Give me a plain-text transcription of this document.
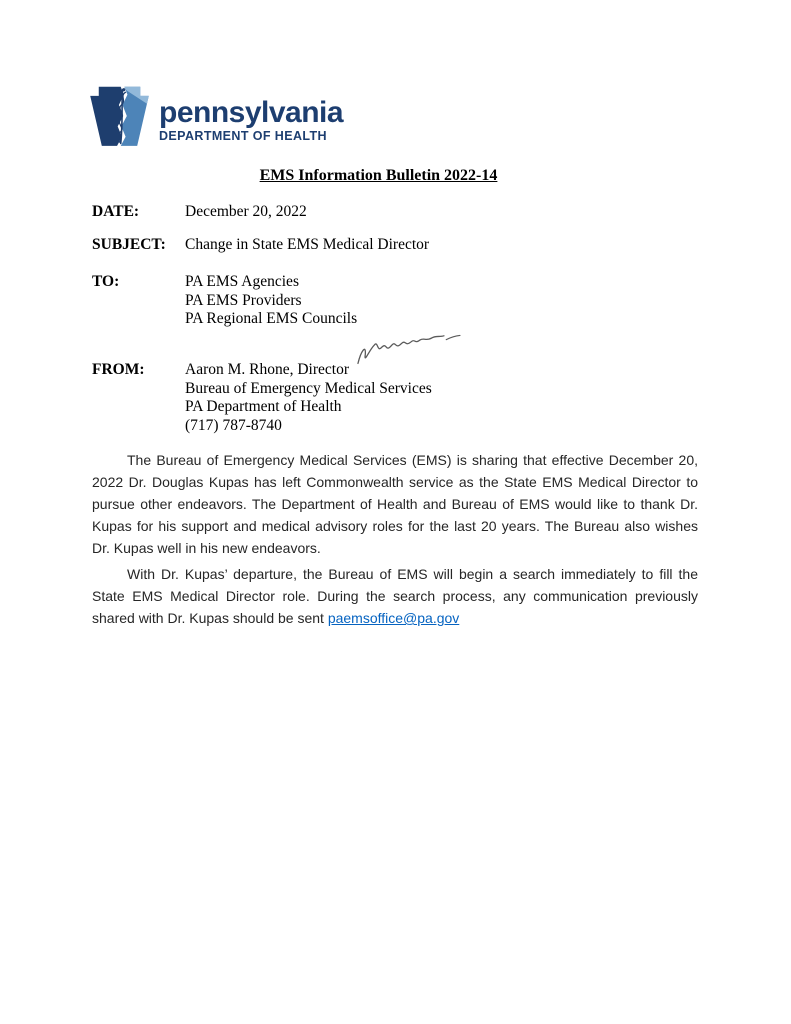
pennsylvania
DEPARTMENT OF HEALTH
EMS Information Bulletin 2022-14
DATE:	December 20, 2022
SUBJECT: Change in State EMS Medical Director
TO:	PA EMS Agencies
PA EMS Providers
PA Regional EMS Councils
FROM:	Aaron M. Rhone, Director
Bureau of Emergency Medical Services
PA Department of Health
(717) 787-8740

The Bureau of Emergency Medical Services (EMS) is sharing that effective December 20, 2022 Dr. Douglas Kupas has left Commonwealth service as the State EMS Medical Director to pursue other endeavors. The Department of Health and Bureau of EMS would like to thank Dr. Kupas for his support and medical advisory roles for the last 20 years. The Bureau also wishes Dr. Kupas well in his new endeavors.

With Dr. Kupas’ departure, the Bureau of EMS will begin a search immediately to fill the State EMS Medical Director role. During the search process, any communication previously shared with Dr. Kupas should be sent paemsoffice@pa.gov
